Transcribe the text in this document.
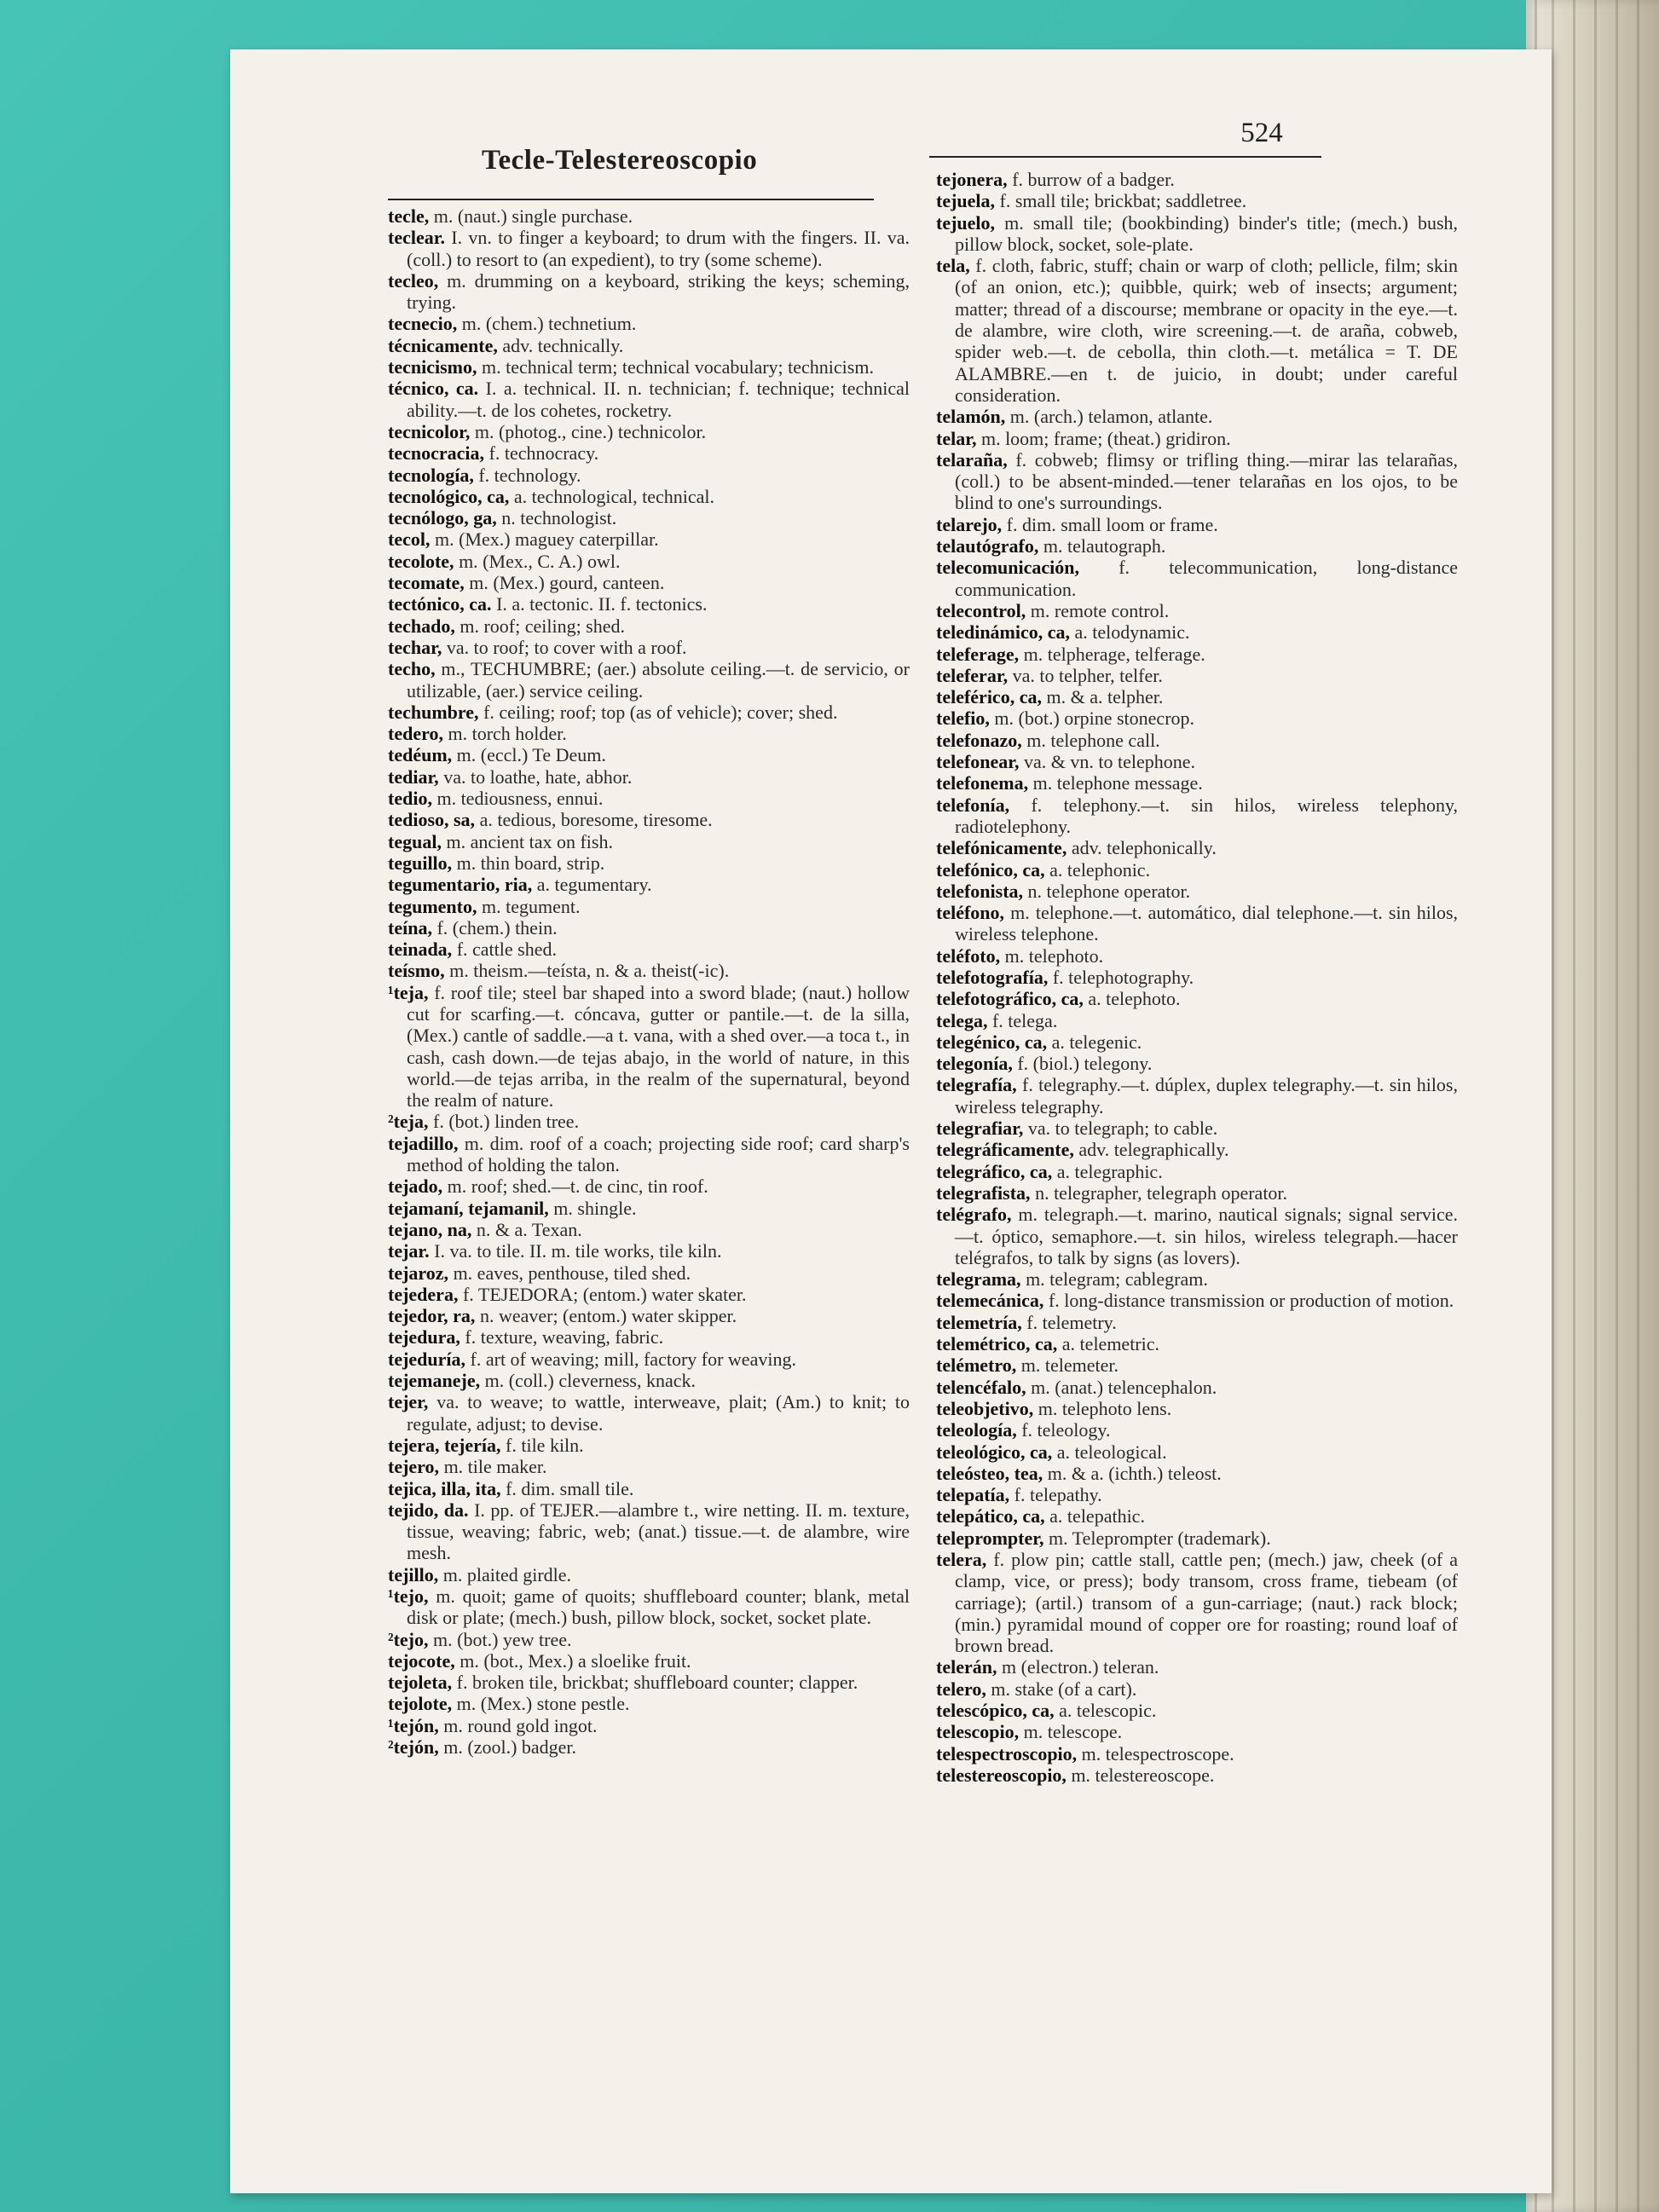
Tecle-Telestereoscopio
524

tecle, m. (naut.) single purchase.

teclear. I. vn. to finger a keyboard; to drum with the fingers. II. va. (coll.) to resort to (an expedient), to try (some scheme).

tecleo, m. drumming on a keyboard, striking the keys; scheming, trying.

tecnecio, m. (chem.) technetium.

técnicamente, adv. technically.

tecnicismo, m. technical term; technical vocabulary; technicism.

técnico, ca. I. a. technical. II. n. technician; f. technique; technical ability.—t. de los cohetes, rocketry.

tecnicolor, m. (photog., cine.) technicolor.

tecnocracia, f. technocracy.

tecnología, f. technology.

tecnológico, ca, a. technological, technical.

tecnólogo, ga, n. technologist.

tecol, m. (Mex.) maguey caterpillar.

tecolote, m. (Mex., C. A.) owl.

tecomate, m. (Mex.) gourd, canteen.

tectónico, ca. I. a. tectonic. II. f. tectonics.

techado, m. roof; ceiling; shed.

techar, va. to roof; to cover with a roof.

techo, m., TECHUMBRE; (aer.) absolute ceiling.—t. de servicio, or utilizable, (aer.) service ceiling.

techumbre, f. ceiling; roof; top (as of vehicle); cover; shed.

tedero, m. torch holder.

tedéum, m. (eccl.) Te Deum.

tediar, va. to loathe, hate, abhor.

tedio, m. tediousness, ennui.

tedioso, sa, a. tedious, boresome, tiresome.

tegual, m. ancient tax on fish.

teguillo, m. thin board, strip.

tegumentario, ria, a. tegumentary.

tegumento, m. tegument.

teína, f. (chem.) thein.

teinada, f. cattle shed.

teísmo, m. theism.—teísta, n. & a. theist(-ic).

¹teja, f. roof tile; steel bar shaped into a sword blade; (naut.) hollow cut for scarfing.—t. cóncava, gutter or pantile.—t. de la silla, (Mex.) cantle of saddle.—a t. vana, with a shed over.—a toca t., in cash, cash down.—de tejas abajo, in the world of nature, in this world.—de tejas arriba, in the realm of the supernatural, beyond the realm of nature.

²teja, f. (bot.) linden tree.

tejadillo, m. dim. roof of a coach; projecting side roof; card sharp's method of holding the talon.

tejado, m. roof; shed.—t. de cinc, tin roof.

tejamaní, tejamanil, m. shingle.

tejano, na, n. & a. Texan.

tejar. I. va. to tile. II. m. tile works, tile kiln.

tejaroz, m. eaves, penthouse, tiled shed.

tejedera, f. TEJEDORA; (entom.) water skater.

tejedor, ra, n. weaver; (entom.) water skipper.

tejedura, f. texture, weaving, fabric.

tejeduría, f. art of weaving; mill, factory for weaving.

tejemaneje, m. (coll.) cleverness, knack.

tejer, va. to weave; to wattle, interweave, plait; (Am.) to knit; to regulate, adjust; to devise.

tejera, tejería, f. tile kiln.

tejero, m. tile maker.

tejica, illa, ita, f. dim. small tile.

tejido, da. I. pp. of TEJER.—alambre t., wire netting. II. m. texture, tissue, weaving; fabric, web; (anat.) tissue.—t. de alambre, wire mesh.

tejillo, m. plaited girdle.

¹tejo, m. quoit; game of quoits; shuffleboard counter; blank, metal disk or plate; (mech.) bush, pillow block, socket, socket plate.

²tejo, m. (bot.) yew tree.

tejocote, m. (bot., Mex.) a sloelike fruit.

tejoleta, f. broken tile, brickbat; shuffleboard counter; clapper.

tejolote, m. (Mex.) stone pestle.

¹tejón, m. round gold ingot.

²tejón, m. (zool.) badger.

tejonera, f. burrow of a badger.

tejuela, f. small tile; brickbat; saddletree.

tejuelo, m. small tile; (bookbinding) binder's title; (mech.) bush, pillow block, socket, sole-plate.

tela, f. cloth, fabric, stuff; chain or warp of cloth; pellicle, film; skin (of an onion, etc.); quibble, quirk; web of insects; argument; matter; thread of a discourse; membrane or opacity in the eye.—t. de alambre, wire cloth, wire screening.—t. de araña, cobweb, spider web.—t. de cebolla, thin cloth.—t. metálica = T. DE ALAMBRE.—en t. de juicio, in doubt; under careful consideration.

telamón, m. (arch.) telamon, atlante.

telar, m. loom; frame; (theat.) gridiron.

telaraña, f. cobweb; flimsy or trifling thing.—mirar las telarañas, (coll.) to be absent-minded.—tener telarañas en los ojos, to be blind to one's surroundings.

telarejo, f. dim. small loom or frame.

telautógrafo, m. telautograph.

telecomunicación, f. telecommunication, long-distance communication.

telecontrol, m. remote control.

teledinámico, ca, a. telodynamic.

teleferage, m. telpherage, telferage.

teleferar, va. to telpher, telfer.

teleférico, ca, m. & a. telpher.

telefio, m. (bot.) orpine stonecrop.

telefonazo, m. telephone call.

telefonear, va. & vn. to telephone.

telefonema, m. telephone message.

telefonía, f. telephony.—t. sin hilos, wireless telephony, radiotelephony.

telefónicamente, adv. telephonically.

telefónico, ca, a. telephonic.

telefonista, n. telephone operator.

teléfono, m. telephone.—t. automático, dial telephone.—t. sin hilos, wireless telephone.

teléfoto, m. telephoto.

telefotografía, f. telephotography.

telefotográfico, ca, a. telephoto.

telega, f. telega.

telegénico, ca, a. telegenic.

telegonía, f. (biol.) telegony.

telegrafía, f. telegraphy.—t. dúplex, duplex telegraphy.—t. sin hilos, wireless telegraphy.

telegrafiar, va. to telegraph; to cable.

telegráficamente, adv. telegraphically.

telegráfico, ca, a. telegraphic.

telegrafista, n. telegrapher, telegraph operator.

telégrafo, m. telegraph.—t. marino, nautical signals; signal service.—t. óptico, semaphore.—t. sin hilos, wireless telegraph.—hacer telégrafos, to talk by signs (as lovers).

telegrama, m. telegram; cablegram.

telemecánica, f. long-distance transmission or production of motion.

telemetría, f. telemetry.

telemétrico, ca, a. telemetric.

telémetro, m. telemeter.

telencéfalo, m. (anat.) telencephalon.

teleobjetivo, m. telephoto lens.

teleología, f. teleology.

teleológico, ca, a. teleological.

teleósteo, tea, m. & a. (ichth.) teleost.

telepatía, f. telepathy.

telepático, ca, a. telepathic.

teleprompter, m. Teleprompter (trademark).

telera, f. plow pin; cattle stall, cattle pen; (mech.) jaw, cheek (of a clamp, vice, or press); body transom, cross frame, tiebeam (of carriage); (artil.) transom of a gun-carriage; (naut.) rack block; (min.) pyramidal mound of copper ore for roasting; round loaf of brown bread.

telerán, m (electron.) teleran.

telero, m. stake (of a cart).

telescópico, ca, a. telescopic.

telescopio, m. telescope.

telespectroscopio, m. telespectroscope.

telestereoscopio, m. telestereoscope.
